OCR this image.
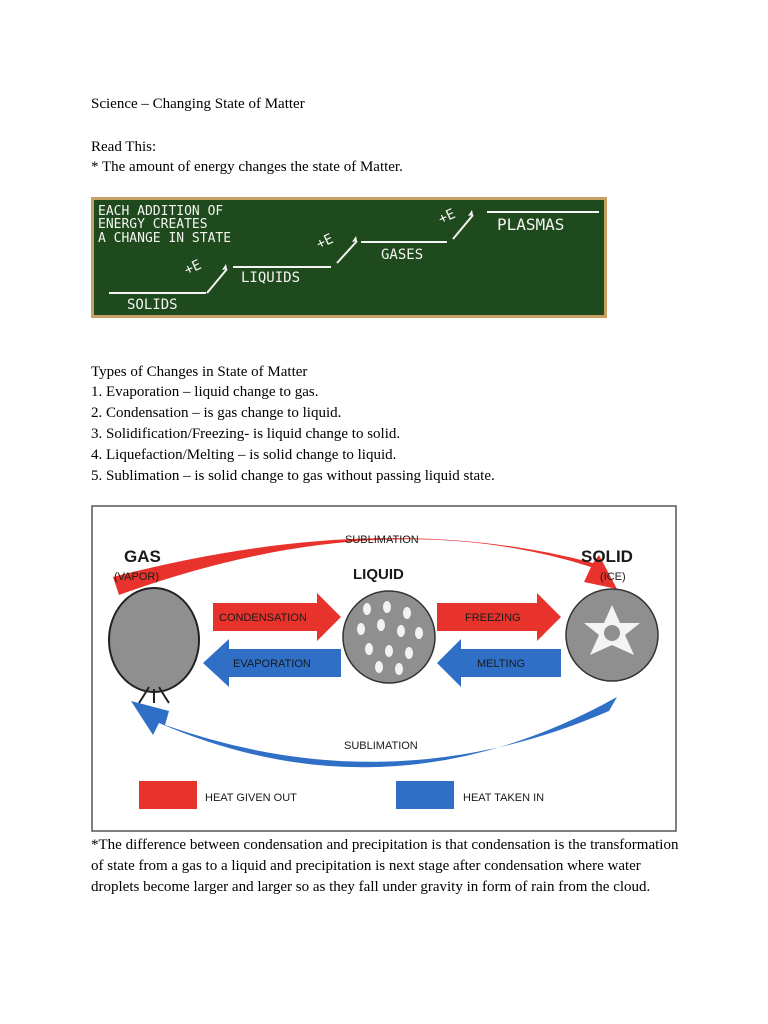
Science – Changing State of Matter
Read This:
* The amount of energy changes the state of Matter.
EACH ADDITION OF
ENERGY CREATES
A CHANGE IN STATE
SOLIDS
LIQUIDS
GASES
PLASMAS
+E
+E
+E
Types of Changes in State of Matter
1. Evaporation – liquid change to gas.
2. Condensation – is gas change to liquid.
3. Solidification/Freezing- is liquid change to solid.
4. Liquefaction/Melting – is solid change to liquid.
5. Sublimation – is solid change to gas without passing liquid state.
SUBLIMATION
SUBLIMATION
GAS
(VAPOR)	LIQUID
SOLID
(ICE)
CONDENSATION	FREEZING
EVAPORATION	MELTING
HEAT GIVEN OUT	HEAT TAKEN IN
*The difference between condensation and precipitation is that condensation is the transformation of state from a gas to a liquid and precipitation is next stage after condensation where water droplets become larger and larger so as they fall under gravity in form of rain from the cloud.
